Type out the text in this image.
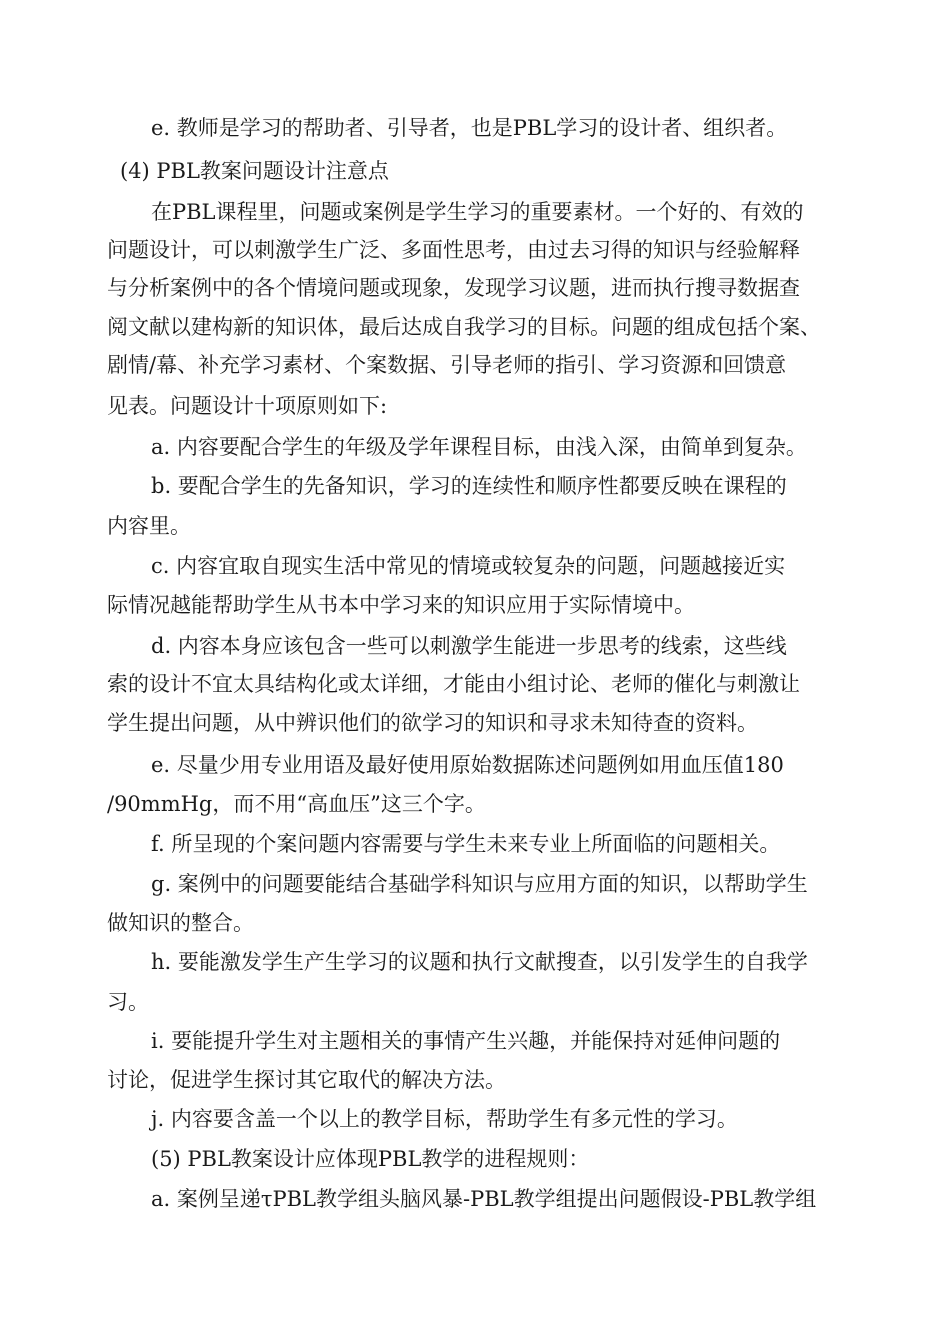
e. 教师是学习的帮助者、引导者，也是PBL学习的设计者、组织者。
(4) PBL教案问题设计注意点
在PBL课程里，问题或案例是学生学习的重要素材。一个好的、有效的
问题设计，可以刺激学生广泛、多面性思考，由过去习得的知识与经验解释
与分析案例中的各个情境问题或现象，发现学习议题，进而执行搜寻数据查
阅文献以建构新的知识体，最后达成自我学习的目标。问题的组成包括个案、
剧情/幕、补充学习素材、个案数据、引导老师的指引、学习资源和回馈意
见表。问题设计十项原则如下:
a. 内容要配合学生的年级及学年课程目标，由浅入深，由简单到复杂。
b. 要配合学生的先备知识，学习的连续性和顺序性都要反映在课程的
内容里。
c. 内容宜取自现实生活中常见的情境或较复杂的问题，问题越接近实
际情况越能帮助学生从书本中学习来的知识应用于实际情境中。
d. 内容本身应该包含一些可以刺激学生能进一步思考的线索，这些线
索的设计不宜太具结构化或太详细，才能由小组讨论、老师的催化与刺激让
学生提出问题，从中辨识他们的欲学习的知识和寻求未知待查的资料。
e. 尽量少用专业用语及最好使用原始数据陈述问题例如用血压值180
/90mmHg，而不用“高血压”这三个字。
f. 所呈现的个案问题内容需要与学生未来专业上所面临的问题相关。
g. 案例中的问题要能结合基础学科知识与应用方面的知识，以帮助学生
做知识的整合。
h. 要能激发学生产生学习的议题和执行文献搜查，以引发学生的自我学
习。
i. 要能提升学生对主题相关的事情产生兴趣，并能保持对延伸问题的
讨论，促进学生探讨其它取代的解决方法。
j. 内容要含盖一个以上的教学目标，帮助学生有多元性的学习。
(5) PBL教案设计应体现PBL教学的进程规则：
a. 案例呈递τPBL教学组头脑风暴-PBL教学组提出问题假设-PBL教学组
